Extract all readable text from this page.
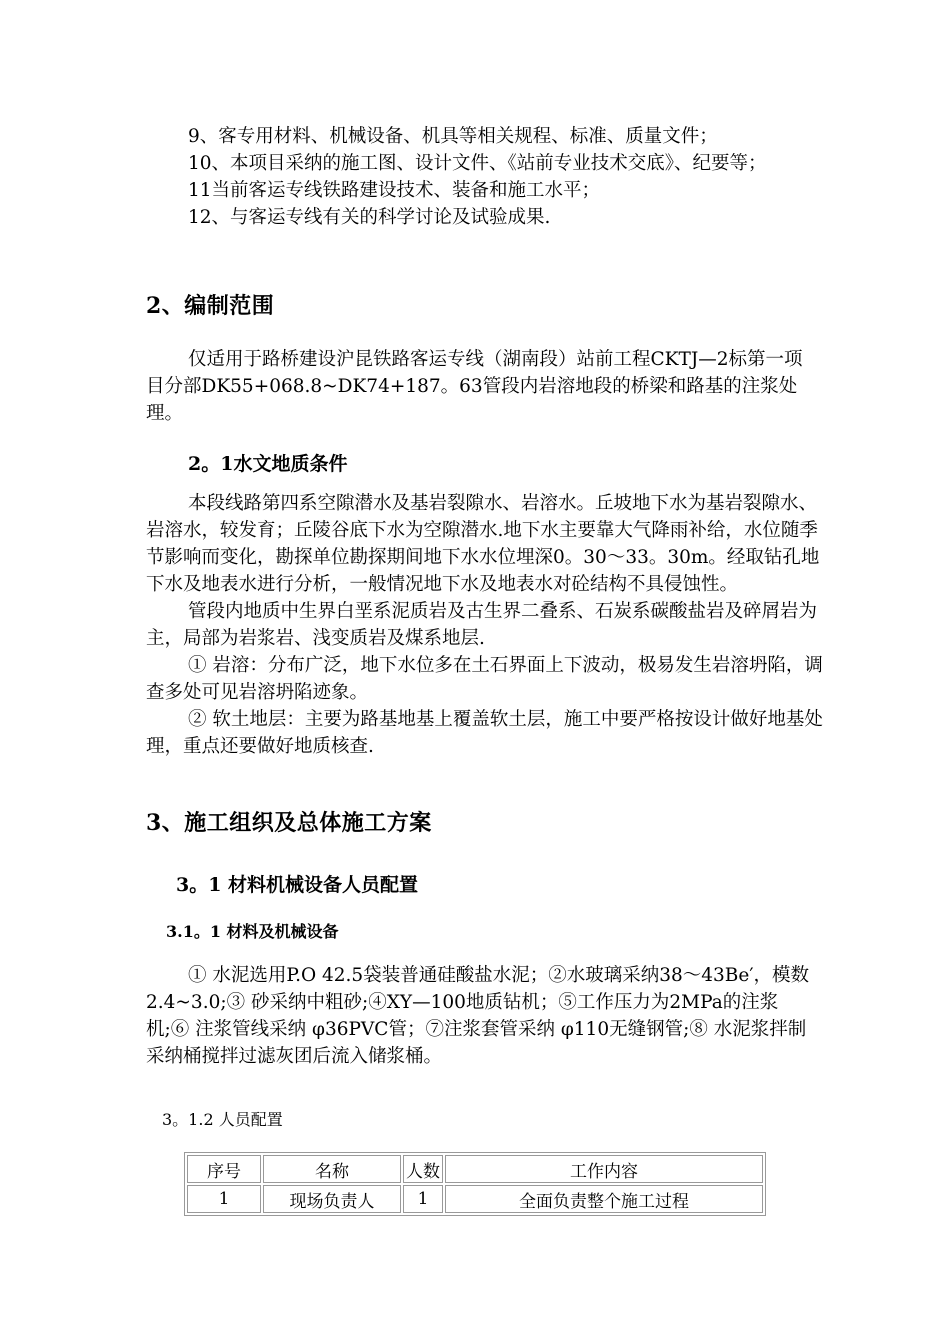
9、客专用材料、机械设备、机具等相关规程、标准、质量文件；

10、本项目采纳的施工图、设计文件、《站前专业技术交底》、纪要等；

11当前客运专线铁路建设技术、装备和施工水平；

12、与客运专线有关的科学讨论及试验成果.

2、编制范围

仅适用于路桥建设沪昆铁路客运专线（湖南段）站前工程CKTJ—2标第一项目分部DK55+068.8~DK74+187。63管段内岩溶地段的桥梁和路基的注浆处理。

2。1水文地质条件

本段线路第四系空隙潜水及基岩裂隙水、岩溶水。丘坡地下水为基岩裂隙水、岩溶水，较发育；丘陵谷底下水为空隙潜水.地下水主要靠大气降雨补给，水位随季节影响而变化，勘探单位勘探期间地下水水位埋深0。30～33。30m。经取钻孔地下水及地表水进行分析，一般情况地下水及地表水对砼结构不具侵蚀性。

管段内地质中生界白垩系泥质岩及古生界二叠系、石炭系碳酸盐岩及碎屑岩为主，局部为岩浆岩、浅变质岩及煤系地层.

① 岩溶：分布广泛，地下水位多在土石界面上下波动，极易发生岩溶坍陷，调查多处可见岩溶坍陷迹象。

② 软土地层：主要为路基地基上覆盖软土层，施工中要严格按设计做好地基处理，重点还要做好地质核查.

3、施工组织及总体施工方案
3。1 材料机械设备人员配置
3.1。1 材料及机械设备

① 水泥选用P.O 42.5袋装普通硅酸盐水泥；②水玻璃采纳38～43Be′，模数2.4~3.0;③ 砂采纳中粗砂;④XY—100地质钻机；⑤工作压力为2MPa的注浆机;⑥ 注浆管线采纳 φ36PVC管；⑦注浆套管采纳 φ110无缝钢管;⑧ 水泥浆拌制采纳桶搅拌过滤灰团后流入储浆桶。

3。1.2 人员配置
序号	名称	人数	工作内容
1	现场负责人	1	全面负责整个施工过程
